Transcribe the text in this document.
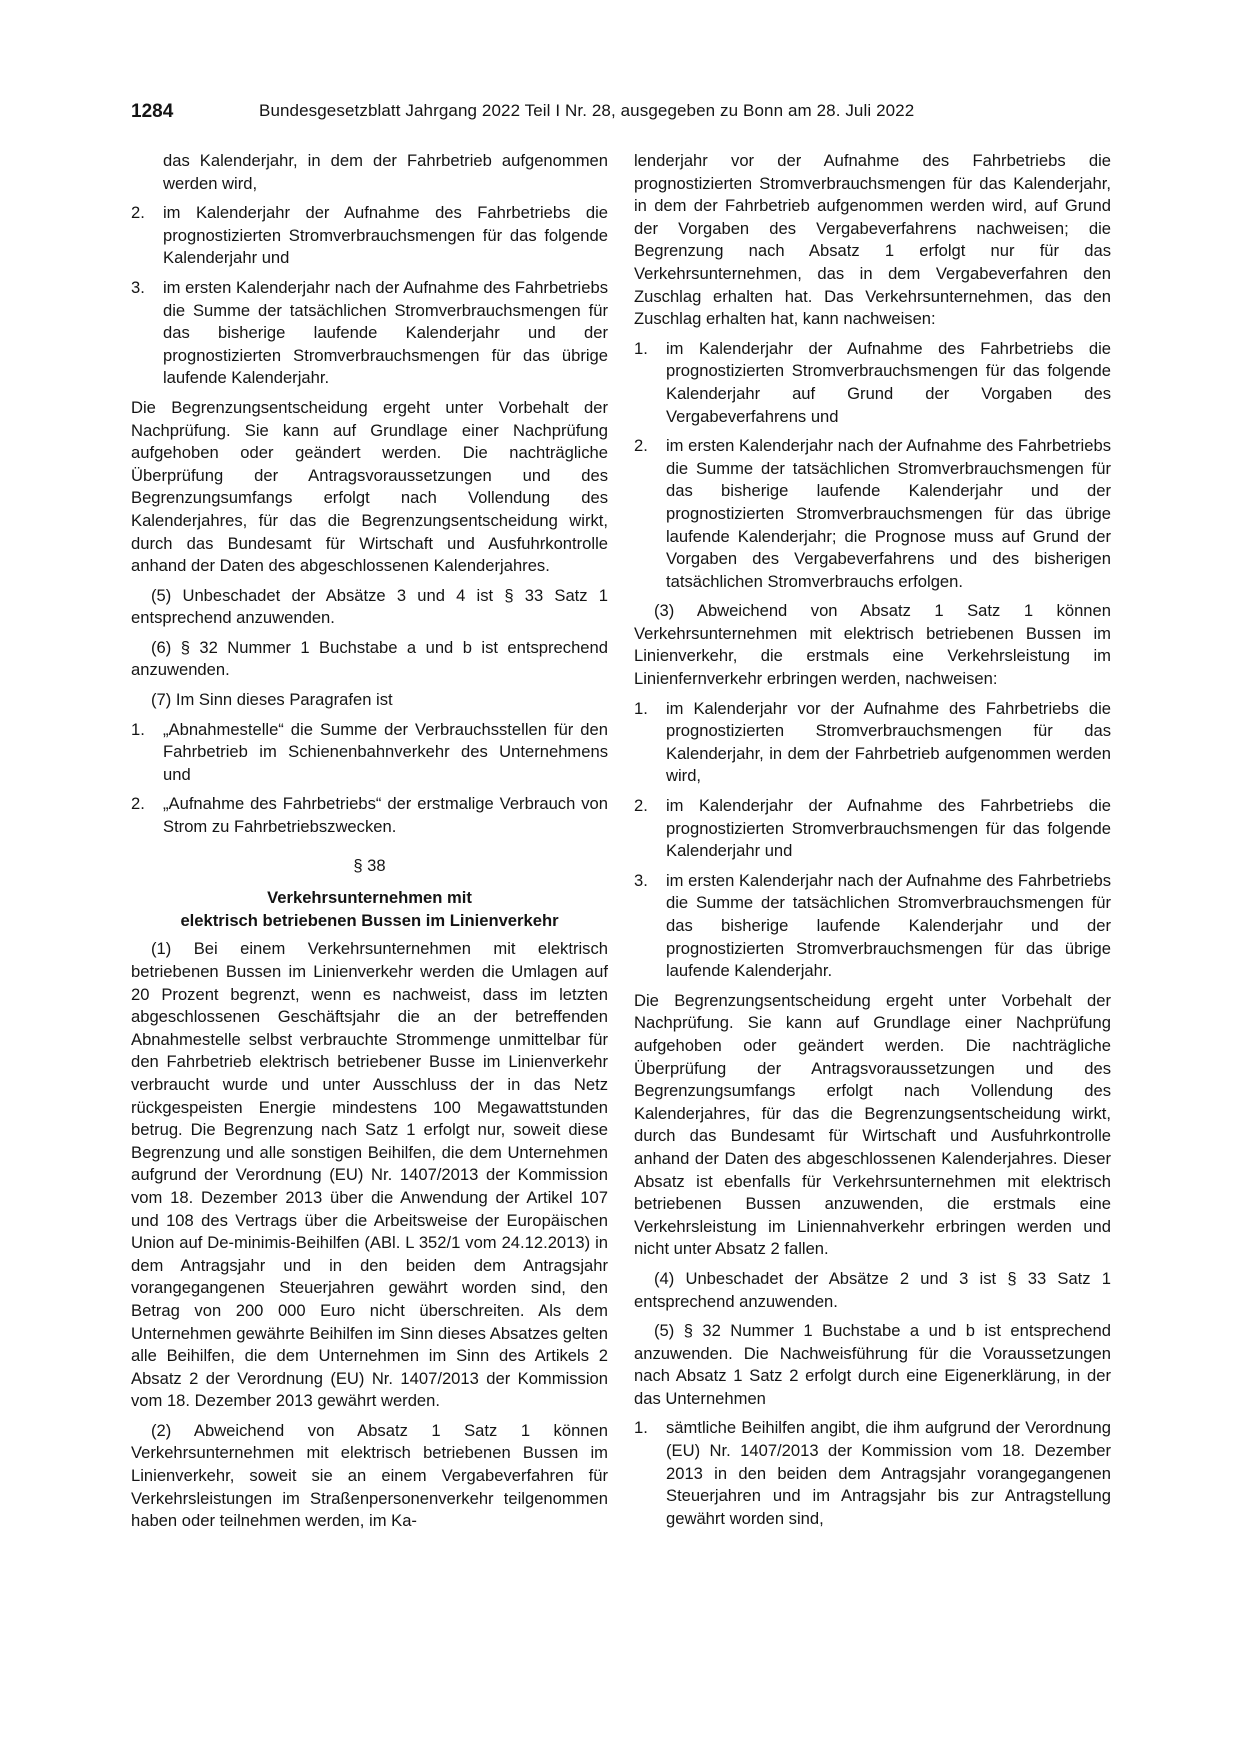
1284	Bundesgesetzblatt Jahrgang 2022 Teil I Nr. 28, ausgegeben zu Bonn am 28. Juli 2022

das Kalenderjahr, in dem der Fahrbetrieb aufgenommen werden wird,

2. im Kalenderjahr der Aufnahme des Fahrbetriebs die prognostizierten Stromverbrauchsmengen für das folgende Kalenderjahr und
3. im ersten Kalenderjahr nach der Aufnahme des Fahrbetriebs die Summe der tatsächlichen Stromverbrauchsmengen für das bisherige laufende Kalenderjahr und der prognostizierten Stromverbrauchsmengen für das übrige laufende Kalenderjahr.

Die Begrenzungsentscheidung ergeht unter Vorbehalt der Nachprüfung. Sie kann auf Grundlage einer Nachprüfung aufgehoben oder geändert werden. Die nachträgliche Überprüfung der Antragsvoraussetzungen und des Begrenzungsumfangs erfolgt nach Vollendung des Kalenderjahres, für das die Begrenzungsentscheidung wirkt, durch das Bundesamt für Wirtschaft und Ausfuhrkontrolle anhand der Daten des abgeschlossenen Kalenderjahres.

(5) Unbeschadet der Absätze 3 und 4 ist § 33 Satz 1 entsprechend anzuwenden.

(6) § 32 Nummer 1 Buchstabe a und b ist entsprechend anzuwenden.

(7) Im Sinn dieses Paragrafen ist

1. „Abnahmestelle“ die Summe der Verbrauchsstellen für den Fahrbetrieb im Schienenbahnverkehr des Unternehmens und
2. „Aufnahme des Fahrbetriebs“ der erstmalige Verbrauch von Strom zu Fahrbetriebszwecken.
§ 38
Verkehrsunternehmen mit
elektrisch betriebenen Bussen im Linienverkehr

(1) Bei einem Verkehrsunternehmen mit elektrisch betriebenen Bussen im Linienverkehr werden die Umlagen auf 20 Prozent begrenzt, wenn es nachweist, dass im letzten abgeschlossenen Geschäftsjahr die an der betreffenden Abnahmestelle selbst verbrauchte Strommenge unmittelbar für den Fahrbetrieb elektrisch betriebener Busse im Linienverkehr verbraucht wurde und unter Ausschluss der in das Netz rückgespeisten Energie mindestens 100 Megawattstunden betrug. Die Begrenzung nach Satz 1 erfolgt nur, soweit diese Begrenzung und alle sonstigen Beihilfen, die dem Unternehmen aufgrund der Verordnung (EU) Nr. 1407/2013 der Kommission vom 18. Dezember 2013 über die Anwendung der Artikel 107 und 108 des Vertrags über die Arbeitsweise der Europäischen Union auf De-minimis-Beihilfen (ABl. L 352/1 vom 24.12.2013) in dem Antragsjahr und in den beiden dem Antragsjahr vorangegangenen Steuerjahren gewährt worden sind, den Betrag von 200 000 Euro nicht überschreiten. Als dem Unternehmen gewährte Beihilfen im Sinn dieses Absatzes gelten alle Beihilfen, die dem Unternehmen im Sinn des Artikels 2 Absatz 2 der Verordnung (EU) Nr. 1407/2013 der Kommission vom 18. Dezember 2013 gewährt werden.

(2) Abweichend von Absatz 1 Satz 1 können Verkehrsunternehmen mit elektrisch betriebenen Bussen im Linienverkehr, soweit sie an einem Vergabeverfahren für Verkehrsleistungen im Straßenpersonenverkehr teilgenommen haben oder teilnehmen werden, im Ka-

lenderjahr vor der Aufnahme des Fahrbetriebs die prognostizierten Stromverbrauchsmengen für das Kalenderjahr, in dem der Fahrbetrieb aufgenommen werden wird, auf Grund der Vorgaben des Vergabeverfahrens nachweisen; die Begrenzung nach Absatz 1 erfolgt nur für das Verkehrsunternehmen, das in dem Vergabeverfahren den Zuschlag erhalten hat. Das Verkehrsunternehmen, das den Zuschlag erhalten hat, kann nachweisen:

1. im Kalenderjahr der Aufnahme des Fahrbetriebs die prognostizierten Stromverbrauchsmengen für das folgende Kalenderjahr auf Grund der Vorgaben des Vergabeverfahrens und
2. im ersten Kalenderjahr nach der Aufnahme des Fahrbetriebs die Summe der tatsächlichen Stromverbrauchsmengen für das bisherige laufende Kalenderjahr und der prognostizierten Stromverbrauchsmengen für das übrige laufende Kalenderjahr; die Prognose muss auf Grund der Vorgaben des Vergabeverfahrens und des bisherigen tatsächlichen Stromverbrauchs erfolgen.

(3) Abweichend von Absatz 1 Satz 1 können Verkehrsunternehmen mit elektrisch betriebenen Bussen im Linienverkehr, die erstmals eine Verkehrsleistung im Linienfernverkehr erbringen werden, nachweisen:

1. im Kalenderjahr vor der Aufnahme des Fahrbetriebs die prognostizierten Stromverbrauchsmengen für das Kalenderjahr, in dem der Fahrbetrieb aufgenommen werden wird,
2. im Kalenderjahr der Aufnahme des Fahrbetriebs die prognostizierten Stromverbrauchsmengen für das folgende Kalenderjahr und
3. im ersten Kalenderjahr nach der Aufnahme des Fahrbetriebs die Summe der tatsächlichen Stromverbrauchsmengen für das bisherige laufende Kalenderjahr und der prognostizierten Stromverbrauchsmengen für das übrige laufende Kalenderjahr.

Die Begrenzungsentscheidung ergeht unter Vorbehalt der Nachprüfung. Sie kann auf Grundlage einer Nachprüfung aufgehoben oder geändert werden. Die nachträgliche Überprüfung der Antragsvoraussetzungen und des Begrenzungsumfangs erfolgt nach Vollendung des Kalenderjahres, für das die Begrenzungsentscheidung wirkt, durch das Bundesamt für Wirtschaft und Ausfuhrkontrolle anhand der Daten des abgeschlossenen Kalenderjahres. Dieser Absatz ist ebenfalls für Verkehrsunternehmen mit elektrisch betriebenen Bussen anzuwenden, die erstmals eine Verkehrsleistung im Liniennahverkehr erbringen werden und nicht unter Absatz 2 fallen.

(4) Unbeschadet der Absätze 2 und 3 ist § 33 Satz 1 entsprechend anzuwenden.

(5) § 32 Nummer 1 Buchstabe a und b ist entsprechend anzuwenden. Die Nachweisführung für die Voraussetzungen nach Absatz 1 Satz 2 erfolgt durch eine Eigenerklärung, in der das Unternehmen

1. sämtliche Beihilfen angibt, die ihm aufgrund der Verordnung (EU) Nr. 1407/2013 der Kommission vom 18. Dezember 2013 in den beiden dem Antragsjahr vorangegangenen Steuerjahren und im Antragsjahr bis zur Antragstellung gewährt worden sind,
